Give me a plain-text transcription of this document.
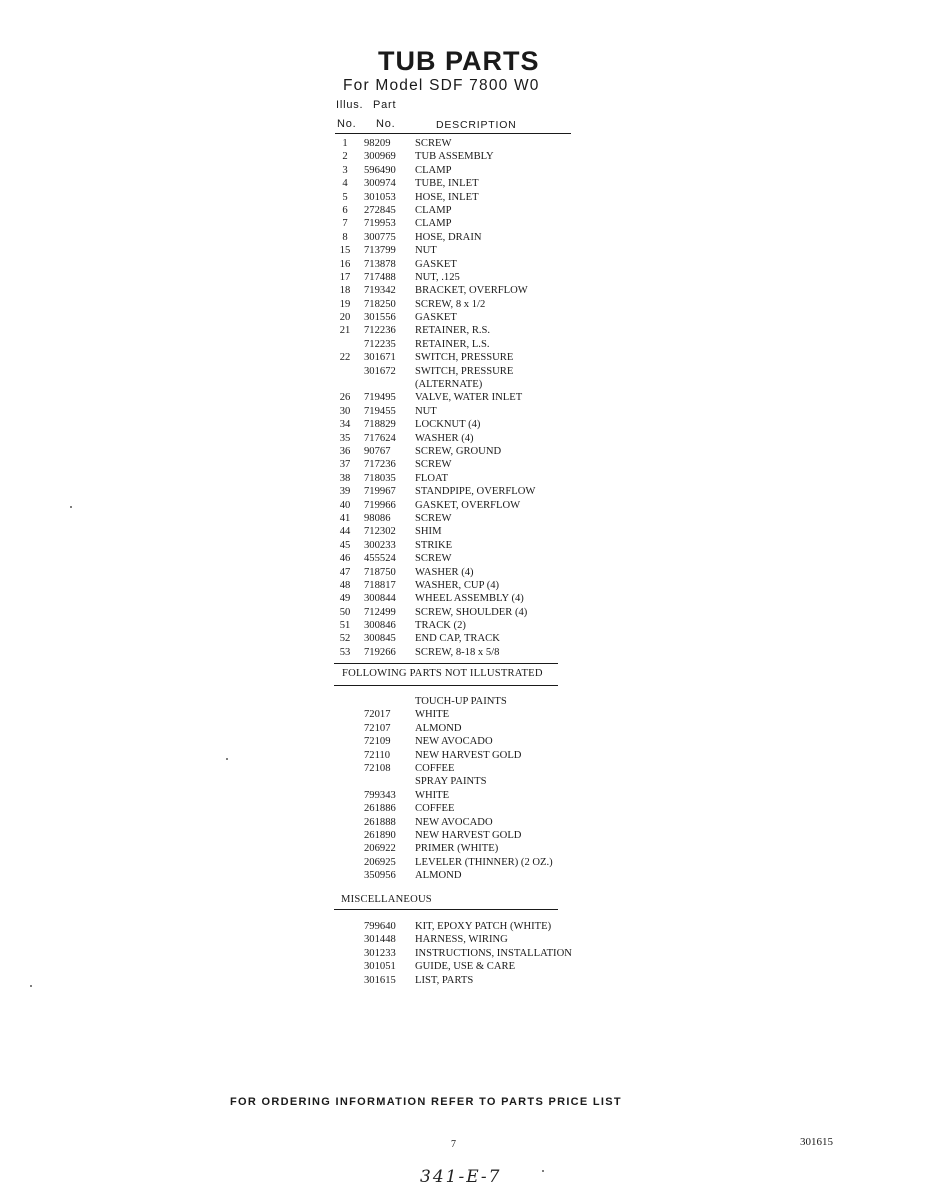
TUB PARTS
For Model SDF 7800 W0
Illus. Part
No. No.	DESCRIPTION
1	98209 SCREW
2	300969 TUB ASSEMBLY
3	596490 CLAMP
4	300974 TUBE, INLET
5	301053 HOSE, INLET
6	272845 CLAMP
7	719953 CLAMP
8	300775 HOSE, DRAIN
15	713799 NUT
16	713878 GASKET
17	717488 NUT, .125
18	719342 BRACKET, OVERFLOW
19	718250 SCREW, 8 x 1/2
20	301556 GASKET
21	712236 RETAINER, R.S.
712235 RETAINER, L.S.
22	301671 SWITCH, PRESSURE
301672 SWITCH, PRESSURE
(ALTERNATE)
26	719495 VALVE, WATER INLET
30	719455 NUT
34	718829 LOCKNUT (4)
35	717624 WASHER (4)
36	90767 SCREW, GROUND
37	717236 SCREW
38	718035 FLOAT
39	719967 STANDPIPE, OVERFLOW
40	719966 GASKET, OVERFLOW
41	98086 SCREW
44	712302 SHIM
45	300233 STRIKE
46	455524 SCREW
47	718750 WASHER (4)
48	718817 WASHER, CUP (4)
49	300844 WHEEL ASSEMBLY (4)
50	712499 SCREW, SHOULDER (4)
51	300846 TRACK (2)
52	300845 END CAP, TRACK
53	719266 SCREW, 8-18 x 5/8
FOLLOWING PARTS NOT ILLUSTRATED
TOUCH-UP PAINTS
72017 WHITE
72107 ALMOND
72109 NEW AVOCADO
72110 NEW HARVEST GOLD
72108 COFFEE
SPRAY PAINTS
799343 WHITE
261886 COFFEE
261888 NEW AVOCADO
261890 NEW HARVEST GOLD
206922 PRIMER (WHITE)
206925 LEVELER (THINNER) (2 OZ.)
350956 ALMOND
MISCELLANEOUS
799640 KIT, EPOXY PATCH (WHITE)
301448 HARNESS, WIRING
301233 INSTRUCTIONS, INSTALLATION
301051 GUIDE, USE & CARE
301615 LIST, PARTS
FOR ORDERING INFORMATION REFER TO PARTS PRICE LIST
7	301615
341-E-7
